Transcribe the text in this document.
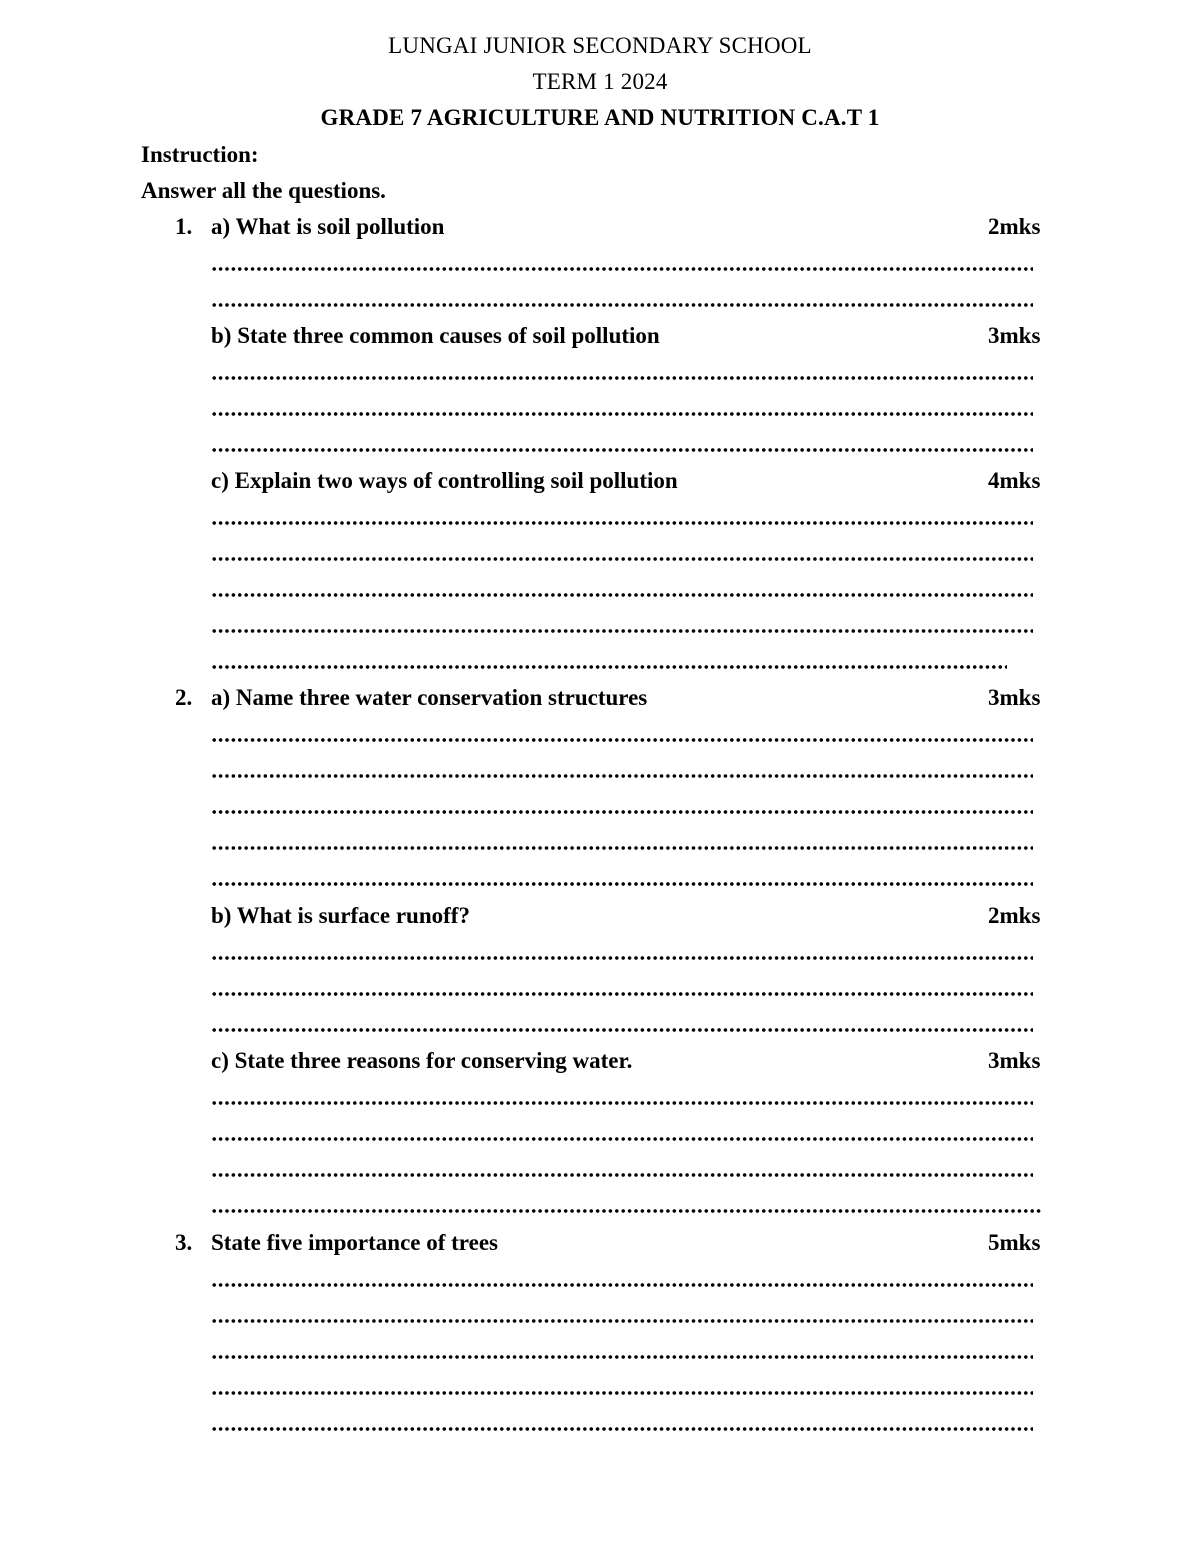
LUNGAI JUNIOR SECONDARY SCHOOL
TERM 1 2024
GRADE 7 AGRICULTURE AND NUTRITION C.A.T 1
Instruction:
Answer all the questions.
1. a) What is soil pollution	2mks
b) State three common causes of soil pollution	3mks
c) Explain two ways of controlling soil pollution	4mks
2. a) Name three water conservation structures	3mks
b) What is surface runoff?	2mks
c) State three reasons for conserving water.	3mks
3. State five importance of trees	5mks
